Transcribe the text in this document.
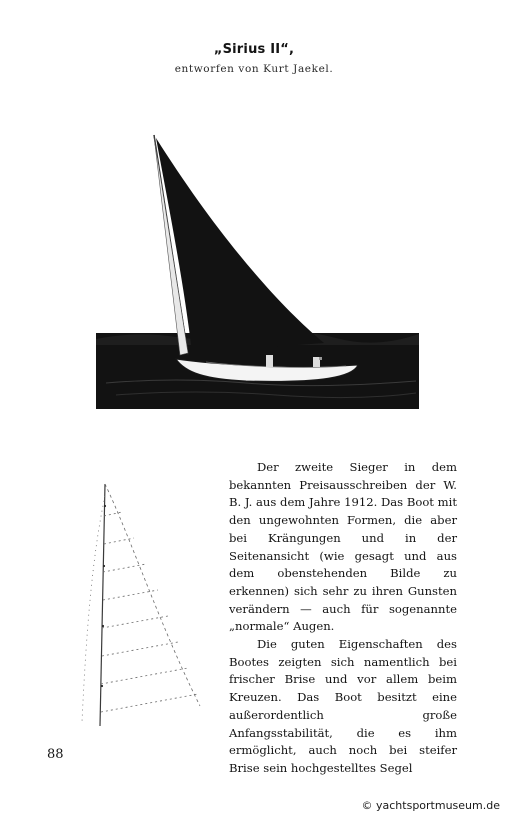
„Sirius II“,
entworfen von Kurt Jaekel.

Der zweite Sieger in dem bekannten Preisausschreiben der W. B. J. aus dem Jahre 1912. Das Boot mit den ungewohnten Formen, die aber bei Krängungen und in der Seitenansicht (wie gesagt und aus dem obenstehenden Bilde zu erkennen) sich sehr zu ihren Gunsten verändern — auch für sogenannte „normale“ Augen.

Die guten Eigenschaften des Bootes zeigten sich namentlich bei frischer Brise und vor allem beim Kreuzen. Das Boot besitzt eine außerordentlich große Anfangsstabilität, die es ihm ermöglicht, auch noch bei steifer Brise sein hochgestelltes Segel

88
© yachtsportmuseum.de
